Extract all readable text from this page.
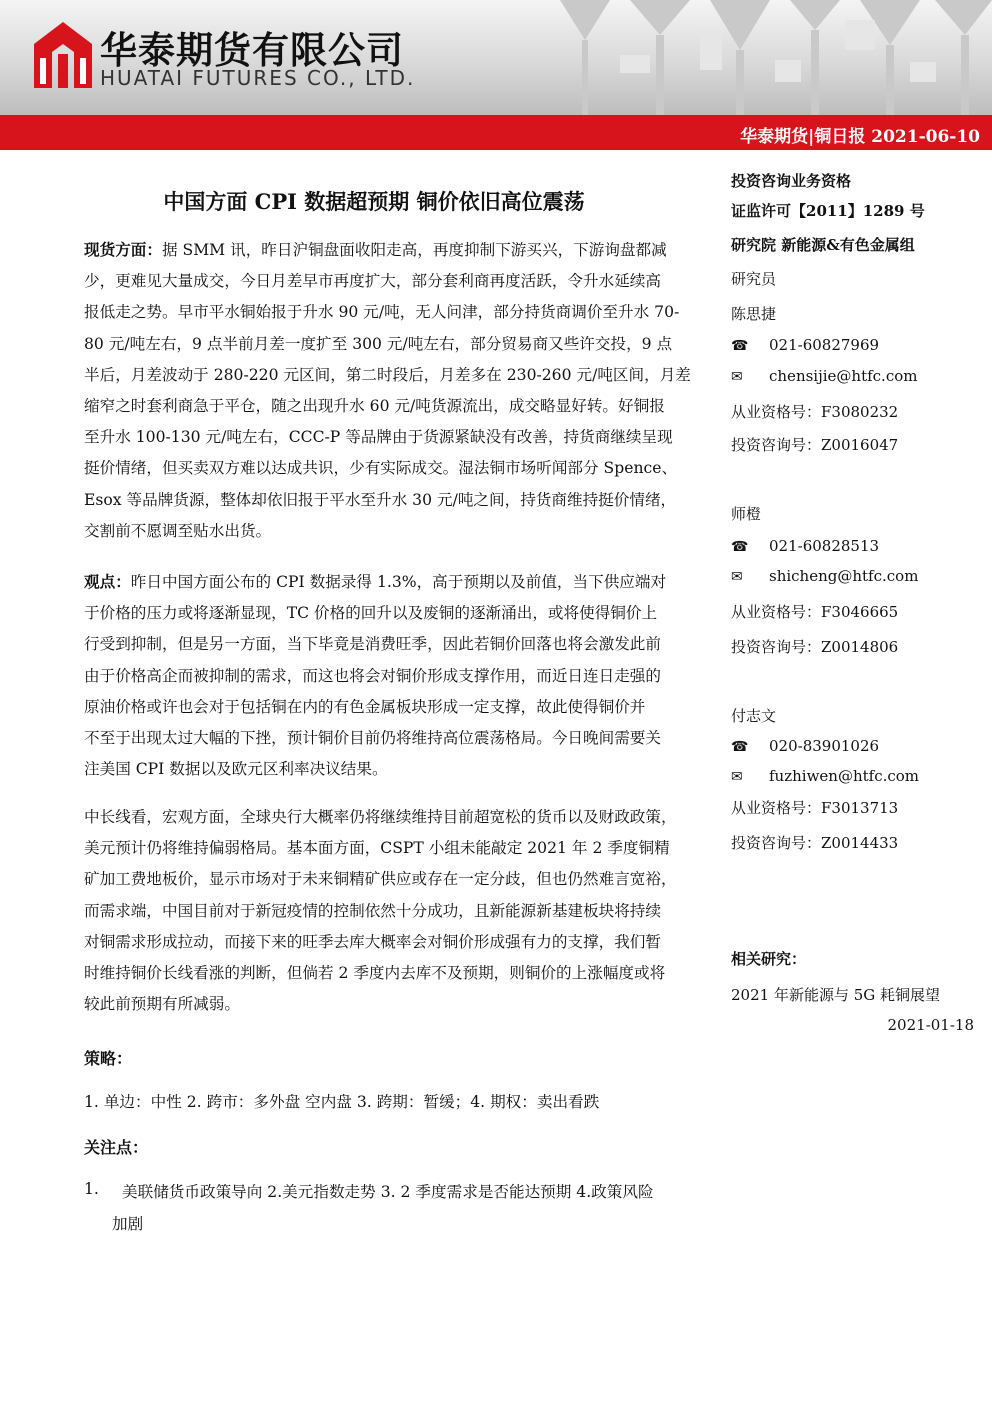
华泰期货有限公司
HUATAI FUTURES CO., LTD.
华泰期货|铜日报 2021-06-10
中国方面 CPI 数据超预期 铜价依旧高位震荡
现货方面：据 SMM 讯，昨日沪铜盘面收阳走高，再度抑制下游买兴，下游询盘都减
少，更难见大量成交，今日月差早市再度扩大，部分套利商再度活跃，令升水延续高
报低走之势。早市平水铜始报于升水 90 元/吨，无人问津，部分持货商调价至升水 70-
80 元/吨左右，9 点半前月差一度扩至 300 元/吨左右，部分贸易商又些许交投，9 点
半后，月差波动于 280-220 元区间，第二时段后，月差多在 230-260 元/吨区间，月差
缩窄之时套利商急于平仓，随之出现升水 60 元/吨货源流出，成交略显好转。好铜报
至升水 100-130 元/吨左右，CCC-P 等品牌由于货源紧缺没有改善，持货商继续呈现
挺价情绪，但买卖双方难以达成共识，少有实际成交。湿法铜市场听闻部分 Spence、
Esox 等品牌货源，整体却依旧报于平水至升水 30 元/吨之间，持货商维持挺价情绪，
交割前不愿调至贴水出货。
观点：昨日中国方面公布的 CPI 数据录得 1.3%，高于预期以及前值，当下供应端对
于价格的压力或将逐渐显现，TC 价格的回升以及废铜的逐渐涌出，或将使得铜价上
行受到抑制，但是另一方面，当下毕竟是消费旺季，因此若铜价回落也将会激发此前
由于价格高企而被抑制的需求，而这也将会对铜价形成支撑作用，而近日连日走强的
原油价格或许也会对于包括铜在内的有色金属板块形成一定支撑，故此使得铜价并
不至于出现太过大幅的下挫，预计铜价目前仍将维持高位震荡格局。今日晚间需要关
注美国 CPI 数据以及欧元区利率决议结果。
中长线看，宏观方面，全球央行大概率仍将继续维持目前超宽松的货币以及财政政策，
美元预计仍将维持偏弱格局。基本面方面，CSPT 小组未能敲定 2021 年 2 季度铜精
矿加工费地板价，显示市场对于未来铜精矿供应或存在一定分歧，但也仍然难言宽裕，
而需求端，中国目前对于新冠疫情的控制依然十分成功，且新能源新基建板块将持续
对铜需求形成拉动，而接下来的旺季去库大概率会对铜价形成强有力的支撑，我们暂
时维持铜价长线看涨的判断，但倘若 2 季度内去库不及预期，则铜价的上涨幅度或将
较此前预期有所减弱。
策略：
1. 单边：中性 2. 跨市：多外盘 空内盘 3. 跨期：暂缓；4. 期权：卖出看跌
关注点：
1. 美联储货币政策导向 2.美元指数走势 3. 2 季度需求是否能达预期 4.政策风险
加剧
投资咨询业务资格
证监许可【2011】1289 号
研究院 新能源&有色金属组
研究员
陈思捷
☎ 021-60827969
✉ chensijie@htfc.com
从业资格号：F3080232
投资咨询号：Z0016047
师橙
☎ 021-60828513
✉ shicheng@htfc.com
从业资格号：F3046665
投资咨询号：Z0014806
付志文
☎ 020-83901026
✉ fuzhiwen@htfc.com
从业资格号：F3013713
投资咨询号：Z0014433
相关研究：
2021 年新能源与 5G 耗铜展望
2021-01-18
